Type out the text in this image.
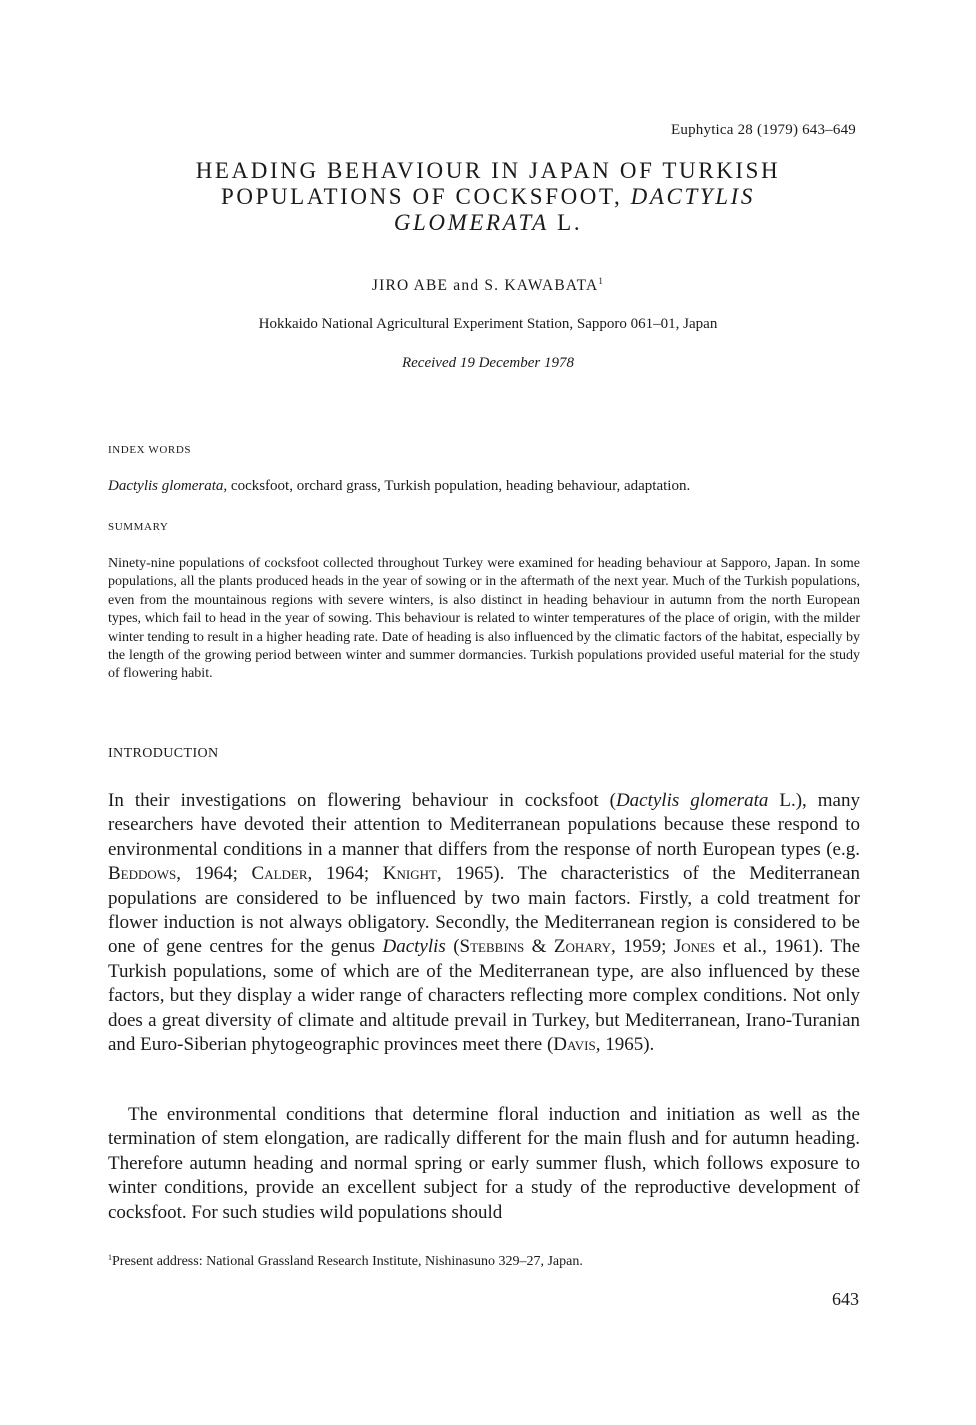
Euphytica 28 (1979) 643–649
HEADING BEHAVIOUR IN JAPAN OF TURKISH
POPULATIONS OF COCKSFOOT, DACTYLIS
GLOMERATA L.
JIRO ABE and S. KAWABATA$^1$
Hokkaido National Agricultural Experiment Station, Sapporo 061–01, Japan
Received 19 December 1978
INDEX WORDS
Dactylis glomerata, cocksfoot, orchard grass, Turkish population, heading behaviour, adaptation.
SUMMARY
Ninety-nine populations of cocksfoot collected throughout Turkey were examined for heading behaviour at Sapporo, Japan. In some populations, all the plants produced heads in the year of sowing or in the aftermath of the next year. Much of the Turkish populations, even from the mountainous regions with severe winters, is also distinct in heading behaviour in autumn from the north European types, which fail to head in the year of sowing. This behaviour is related to winter temperatures of the place of origin, with the milder winter tending to result in a higher heading rate. Date of heading is also influenced by the climatic factors of the habitat, especially by the length of the growing period between winter and summer dormancies. Turkish populations provided useful material for the study of flowering habit.
INTRODUCTION
In their investigations on flowering behaviour in cocksfoot (Dactylis glomerata L.), many researchers have devoted their attention to Mediterranean populations because these respond to environmental conditions in a manner that differs from the response of north European types (e.g. Beddows, 1964; Calder, 1964; Knight, 1965). The characteristics of the Mediterranean populations are considered to be influenced by two main factors. Firstly, a cold treatment for flower induction is not always obligatory. Secondly, the Mediterranean region is considered to be one of gene centres for the genus Dactylis (Stebbins & Zohary, 1959; Jones et al., 1961). The Turkish populations, some of which are of the Mediterranean type, are also influenced by these factors, but they display a wider range of characters reflecting more complex conditions. Not only does a great diversity of climate and altitude prevail in Turkey, but Mediterranean, Irano-Turanian and Euro-Siberian phytogeographic provinces meet there (Davis, 1965).
The environmental conditions that determine floral induction and initiation as well as the termination of stem elongation, are radically different for the main flush and for autumn heading. Therefore autumn heading and normal spring or early summer flush, which follows exposure to winter conditions, provide an excellent subject for a study of the reproductive development of cocksfoot. For such studies wild populations should
$^1$Present address: National Grassland Research Institute, Nishinasuno 329–27, Japan.
643
